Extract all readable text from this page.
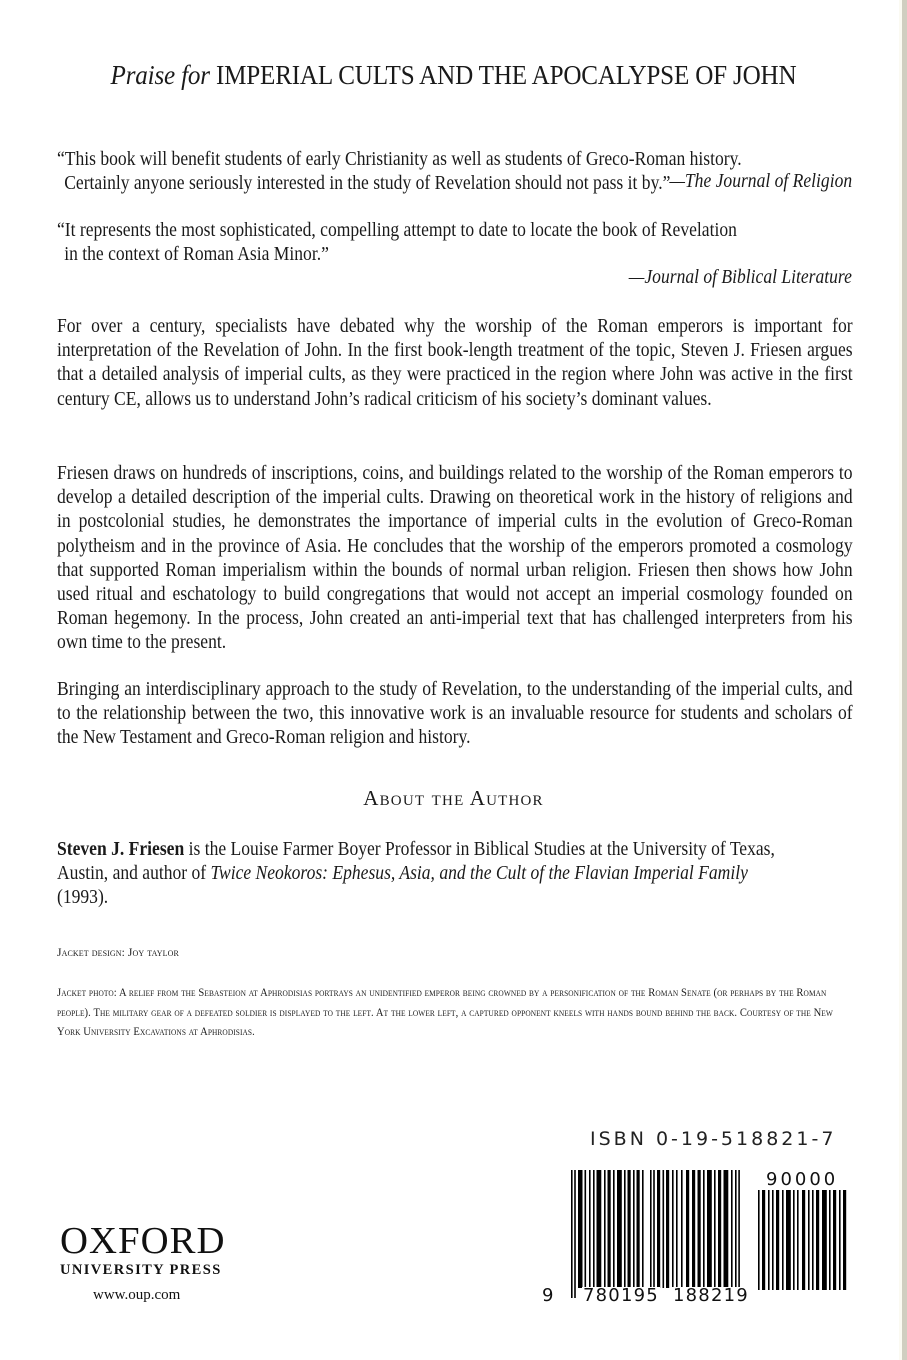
Praise for IMPERIAL CULTS AND THE APOCALYPSE OF JOHN

“This book will benefit students of early Christianity as well as students of Greco-Roman history.

Certainly anyone seriously interested in the study of Revelation should not pass it by.”

—The Journal of Religion

“It represents the most sophisticated, compelling attempt to date to locate the book of Revelation

in the context of Roman Asia Minor.”

—Journal of Biblical Literature

For over a century, specialists have debated why the worship of the Roman emperors is important for interpretation of the Revelation of John. In the first book-length treatment of the topic, Steven J. Friesen argues that a detailed analysis of imperial cults, as they were practiced in the region where John was active in the first century CE, allows us to understand John’s radical criticism of his society’s dominant values.

Friesen draws on hundreds of inscriptions, coins, and buildings related to the worship of the Roman emperors to develop a detailed description of the imperial cults. Drawing on theoretical work in the history of religions and in postcolonial studies, he demonstrates the importance of imperial cults in the evolution of Greco-Roman polytheism and in the province of Asia. He concludes that the worship of the emperors promoted a cosmology that supported Roman imperialism within the bounds of normal urban religion. Friesen then shows how John used ritual and eschatology to build congregations that would not accept an imperial cosmology founded on Roman hegemony. In the process, John created an anti-imperial text that has challenged interpreters from his own time to the present.

Bringing an interdisciplinary approach to the study of Revelation, to the understanding of the imperial cults, and to the relationship between the two, this innovative work is an invaluable resource for students and scholars of the New Testament and Greco-Roman religion and history.

About the Author
Steven J. Friesen is the Louise Farmer Boyer Professor in Biblical Studies at the University of Texas, Austin, and author of Twice Neokoros: Ephesus, Asia, and the Cult of the Flavian Imperial Family (1993).
Jacket design: Joy taylor
Jacket photo: A relief from the Sebasteion at Aphrodisias portrays an unidentified emperor being crowned by a personification of the Roman Senate (or perhaps by the Roman people). The military gear of a defeated soldier is displayed to the left. At the lower left, a captured opponent kneels with hands bound behind the back. Courtesy of the New York University Excavations at Aphrodisias.
ISBN 0-19-518821-7
9 780195 188219
90000
OXFORD
UNIVERSITY PRESS
www.oup.com
